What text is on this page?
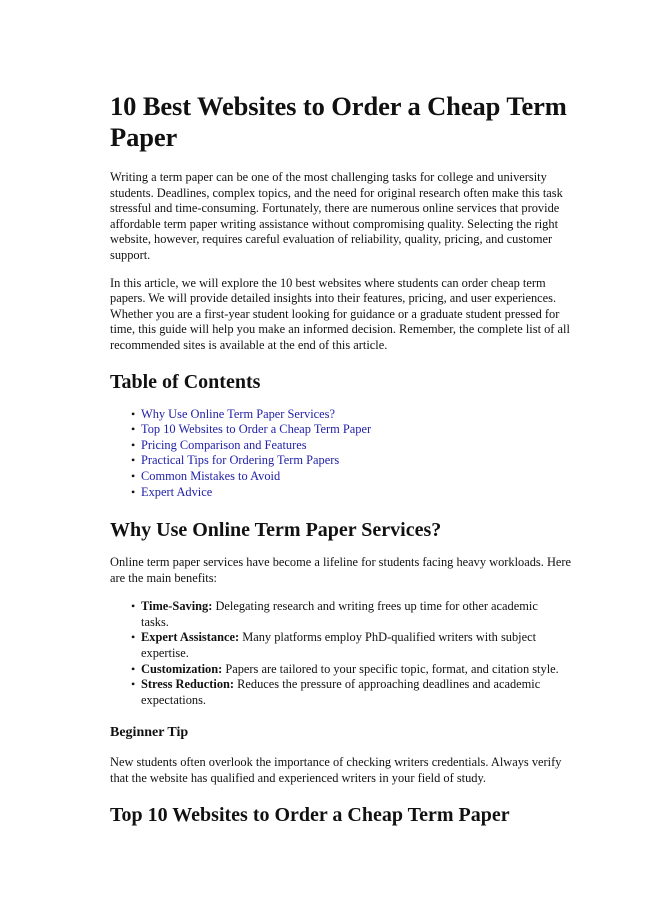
10 Best Websites to Order a Cheap Term Paper

Writing a term paper can be one of the most challenging tasks for college and university students. Deadlines, complex topics, and the need for original research often make this task stressful and time-consuming. Fortunately, there are numerous online services that provide affordable term paper writing assistance without compromising quality. Selecting the right website, however, requires careful evaluation of reliability, quality, pricing, and customer support.

In this article, we will explore the 10 best websites where students can order cheap term papers. We will provide detailed insights into their features, pricing, and user experiences. Whether you are a first-year student looking for guidance or a graduate student pressed for time, this guide will help you make an informed decision. Remember, the complete list of all recommended sites is available at the end of this article.

Table of Contents
• Why Use Online Term Paper Services?
• Top 10 Websites to Order a Cheap Term Paper
• Pricing Comparison and Features
• Practical Tips for Ordering Term Papers
• Common Mistakes to Avoid
• Expert Advice
Why Use Online Term Paper Services?

Online term paper services have become a lifeline for students facing heavy workloads. Here are the main benefits:

• Time-Saving: Delegating research and writing frees up time for other academic tasks.
• Expert Assistance: Many platforms employ PhD-qualified writers with subject expertise.
• Customization: Papers are tailored to your specific topic, format, and citation style.
• Stress Reduction: Reduces the pressure of approaching deadlines and academic expectations.
Beginner Tip

New students often overlook the importance of checking writers credentials. Always verify that the website has qualified and experienced writers in your field of study.

Top 10 Websites to Order a Cheap Term Paper
